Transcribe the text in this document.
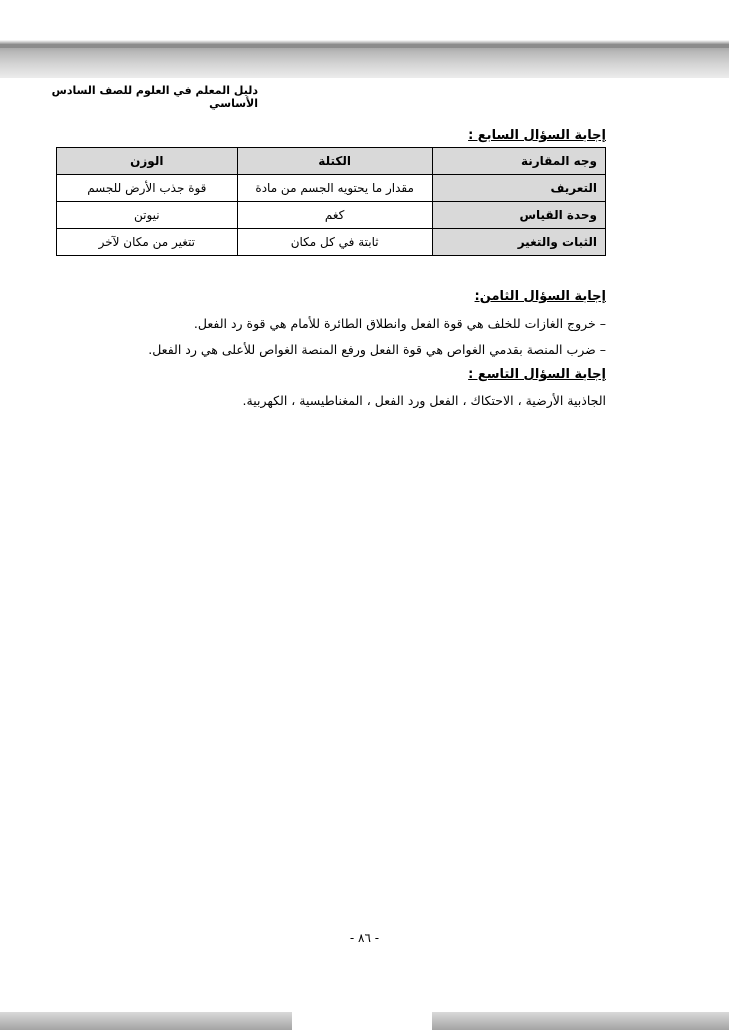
دليل المعلم في العلوم للصف السادس الأساسي
إجابة السؤال السابع :
وجه المقارنة	الكتلة	الوزن
التعريف	مقدار ما يحتويه الجسم من مادة	قوة جذب الأرض للجسم
وحدة القياس	كغم	نيوتن
الثبات والتغير	ثابتة في كل مكان	تتغير من مكان لآخر
إجابة السؤال الثامن:
– خروج الغازات للخلف هي قوة الفعل وانطلاق الطائرة للأمام هي قوة رد الفعل.
– ضرب المنصة بقدمي الغواص هي قوة الفعل ورفع المنصة الغواص للأعلى هي رد الفعل.
إجابة السؤال التاسع :
الجاذبية الأرضية ، الاحتكاك ، الفعل ورد الفعل ، المغناطيسية ، الكهربية.
- ٨٦ -
